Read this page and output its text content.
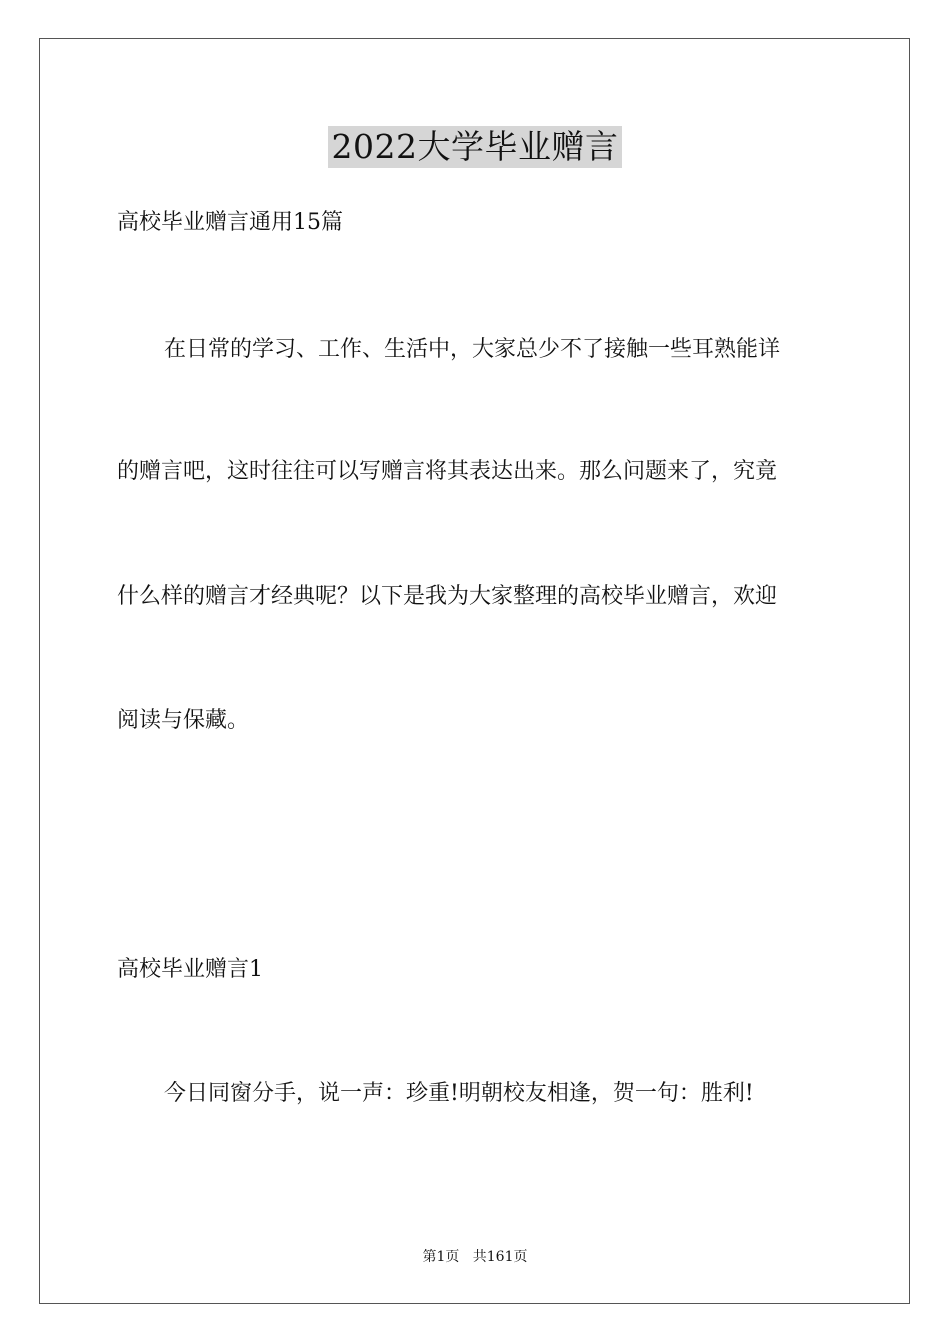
2022大学毕业赠言
高校毕业赠言通用15篇
在日常的学习、工作、生活中，大家总少不了接触一些耳熟能详
的赠言吧，这时往往可以写赠言将其表达出来。那么问题来了，究竟
什么样的赠言才经典呢？以下是我为大家整理的高校毕业赠言，欢迎
阅读与保藏。
高校毕业赠言1
今日同窗分手，说一声：珍重!明朝校友相逢，贺一句：胜利!
第1页   共161页
